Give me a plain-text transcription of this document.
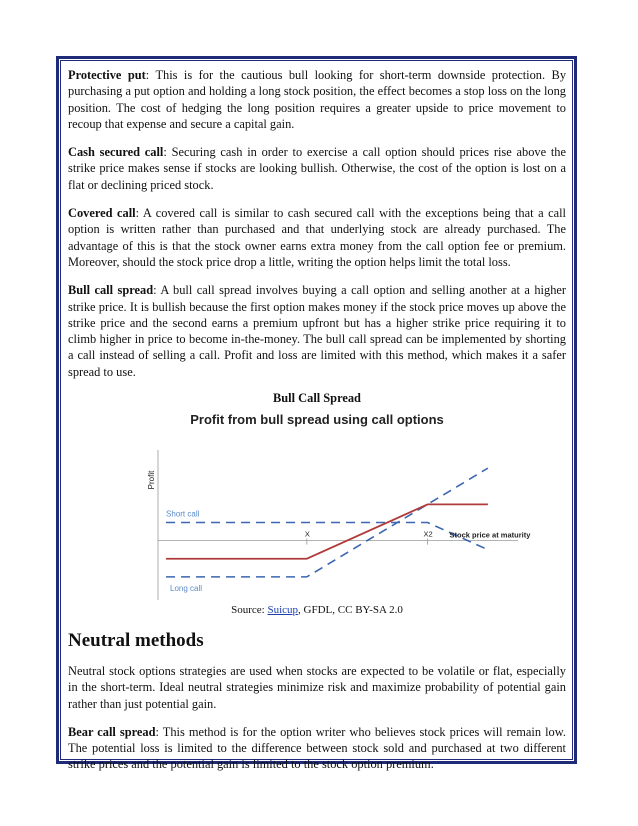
Protective put: This is for the cautious bull looking for short-term downside protection. By purchasing a put option and holding a long stock position, the effect becomes a stop loss on the long position. The cost of hedging the long position requires a greater upside to price movement to recoup that expense and secure a capital gain.

Cash secured call: Securing cash in order to exercise a call option should prices rise above the strike price makes sense if stocks are looking bullish. Otherwise, the cost of the option is lost on a flat or declining priced stock.

Covered call: A covered call is similar to cash secured call with the exceptions being that a call option is written rather than purchased and that underlying stock are already purchased. The advantage of this is that the stock owner earns extra money from the call option fee or premium. Moreover, should the stock price drop a little, writing the option helps limit the total loss.

Bull call spread: A bull call spread involves buying a call option and selling another at a higher strike price. It is bullish because the first option makes money if the stock price moves up above the strike price and the second earns a premium upfront but has a higher strike price requiring it to climb higher in price to become in-the-money. The bull call spread can be implemented by shorting a call instead of selling a call. Profit and loss are limited with this method, which makes it a safer spread to use.

Bull Call Spread
Profit from bull spread using call options
Profit
Short call
Long call
X	X2 Stock price at maturity
Source: Suicup, GFDL, CC BY-SA 2.0
Neutral methods

Neutral stock options strategies are used when stocks are expected to be volatile or flat, especially in the short-term. Ideal neutral strategies minimize risk and maximize probability of potential gain rather than just potential gain.

Bear call spread: This method is for the option writer who believes stock prices will remain low. The potential loss is limited to the difference between stock sold and purchased at two different strike prices and the potential gain is limited to the stock option premium.
